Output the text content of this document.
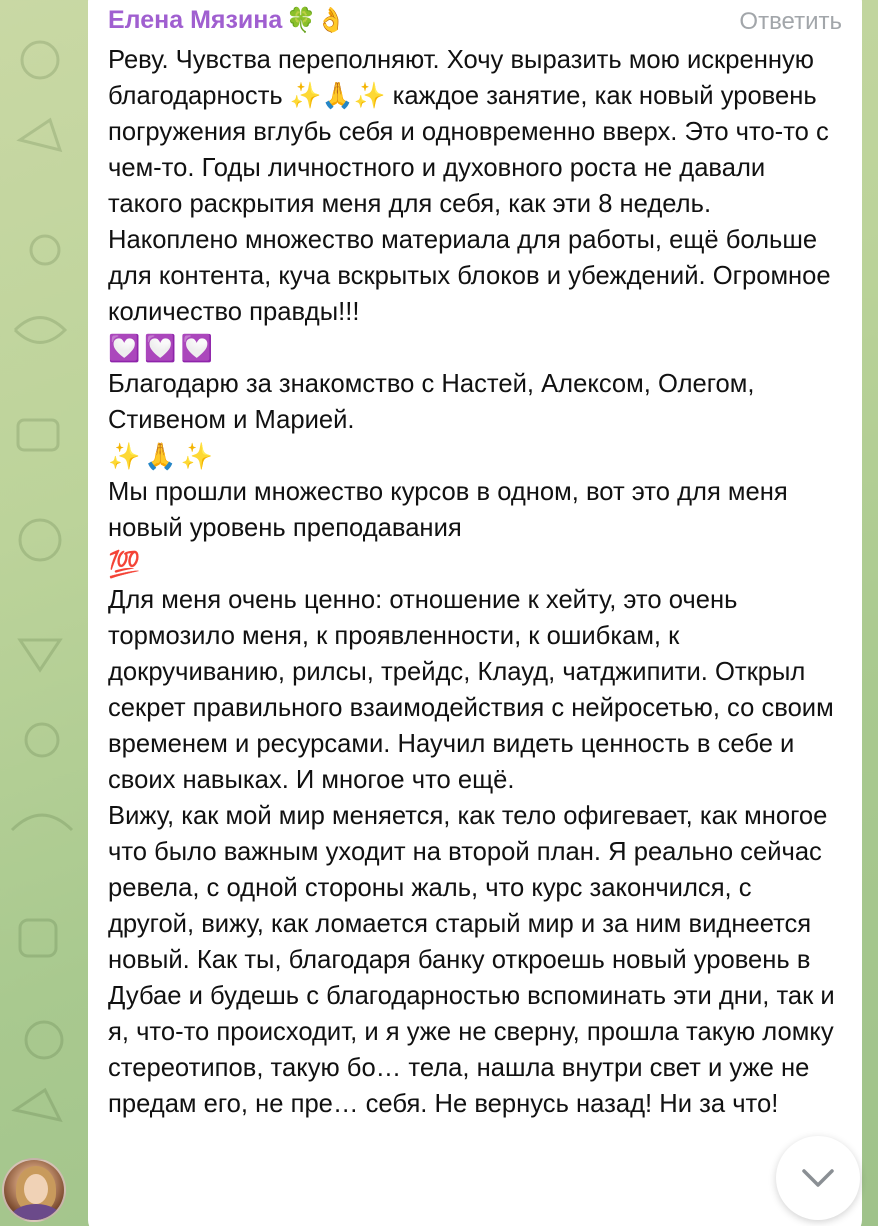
Елена Мязина 🍀👌	Ответить
Реву. Чувства переполняют. Хочу выразить мою искренную благодарность ✨🙏✨ каждое занятие, как новый уровень погружения вглубь себя и одновременно вверх. Это что-то с чем-то. Годы личностного и духовного роста не давали такого раскрытия меня для себя, как эти 8 недель. Накоплено множество материала для работы, ещё больше для контента, куча вскрытых блоков и убеждений. Огромное количество правды!!!
💟💟💟
Благодарю за знакомство с Настей, Алексом, Олегом, Стивеном и Марией.
✨🙏✨
Мы прошли множество курсов в одном, вот это для меня новый уровень преподавания
💯
Для меня очень ценно: отношение к хейту, это очень тормозило меня, к проявленности, к ошибкам, к докручиванию, рилсы, трейдс, Клауд, чатджипити. Открыл секрет правильного взаимодействия с нейросетью, со своим временем и ресурсами. Научил видеть ценность в себе и своих навыках. И многое что ещё.
Вижу, как мой мир меняется, как тело офигевает, как многое что было важным уходит на второй план. Я реально сейчас ревела, с одной стороны жаль, что курс закончился, с другой, вижу, как ломается старый мир и за ним виднеется новый. Как ты, благодаря банку откроешь новый уровень в Дубае и будешь с благодарностью вспоминать эти дни, так и я, что-то происходит, и я уже не сверну, прошла такую ломку стереотипов, такую бо… тела, нашла внутри свет и уже не предам его, не пре… себя. Не вернусь назад! Ни за что!
